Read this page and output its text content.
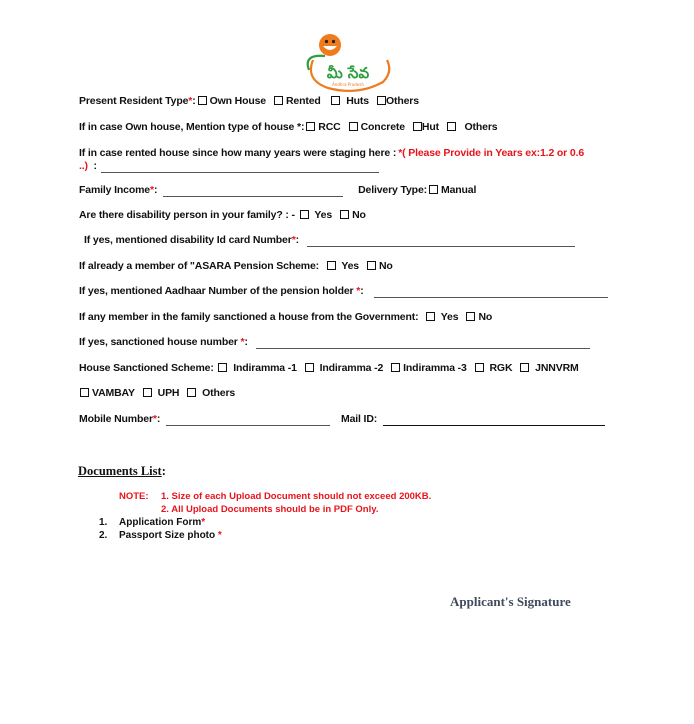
మీ సేవ
Andhra Pradesh
Present Resident Type*: Own House Rented Huts Others
If in case Own house, Mention type of house *: RCC Concrete Hut Others
If in case rented house since how many years were staging here : *( Please Provide in Years ex:1.2 or 0.6
..) :
Family Income*:	Delivery Type: Manual
Are there disability person in your family? : - Yes No
If yes, mentioned disability Id card Number*:
If already a member of "ASARA Pension Scheme: Yes No
If yes, mentioned Aadhaar Number of the pension holder *:
If any member in the family sanctioned a house from the Government: Yes No
If yes, sanctioned house number *:
House Sanctioned Scheme: Indiramma -1 Indiramma -2 Indiramma -3 RGK JNNVRM
VAMBAY UPH Others
Mobile Number*:	Mail ID:
Documents List:
NOTE: 1. Size of each Upload Document should not exceed 200KB.
2. All Upload Documents should be in PDF Only.
1. Application Form*
2. Passport Size photo *
Applicant's Signature
